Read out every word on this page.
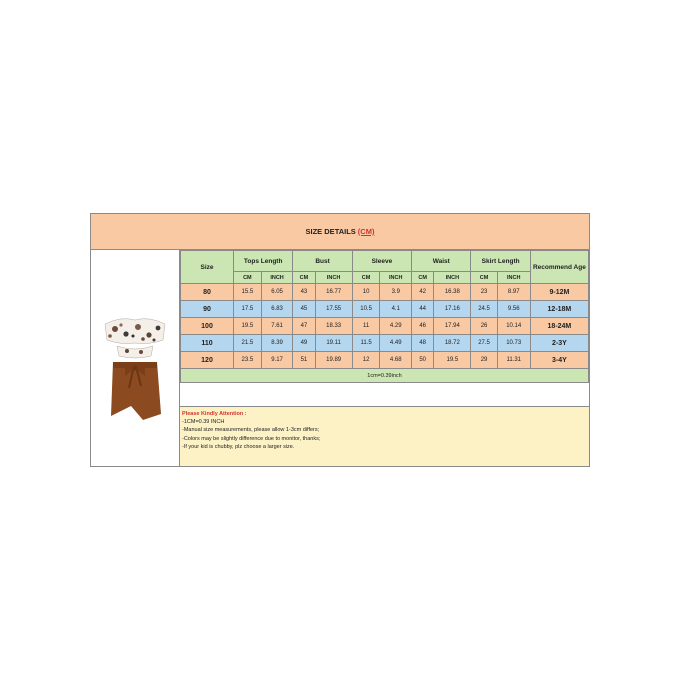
SIZE DETAILS (CM)
Size	Tops Length		Bust		Sleeve		Waist		Skirt Length		Recommend Age
	CM	INCH	CM	INCH	CM	INCH	CM	INCH	CM	INCH	
80	15.5	6.05	43	16.77	10	3.9	42	16.38	23	8.97	9-12M
90	17.5	6.83	45	17.55	10.5	4.1	44	17.16	24.5	9.56	12-18M
100	19.5	7.61	47	18.33	11	4.29	46	17.94	26	10.14	18-24M
110	21.5	8.39	49	19.11	11.5	4.49	48	18.72	27.5	10.73	2-3Y
120	23.5	9.17	51	19.89	12	4.68	50	19.5	29	11.31	3-4Y
1cm=0.39inch											
Please Kindly Attention :
-1CM=0.39 INCH
-Manual size measurements, please allow 1-3cm differs;
-Colors may be slightly difference due to monitor, thanks;
-If your kid is chubby, plz choose a larger size.
